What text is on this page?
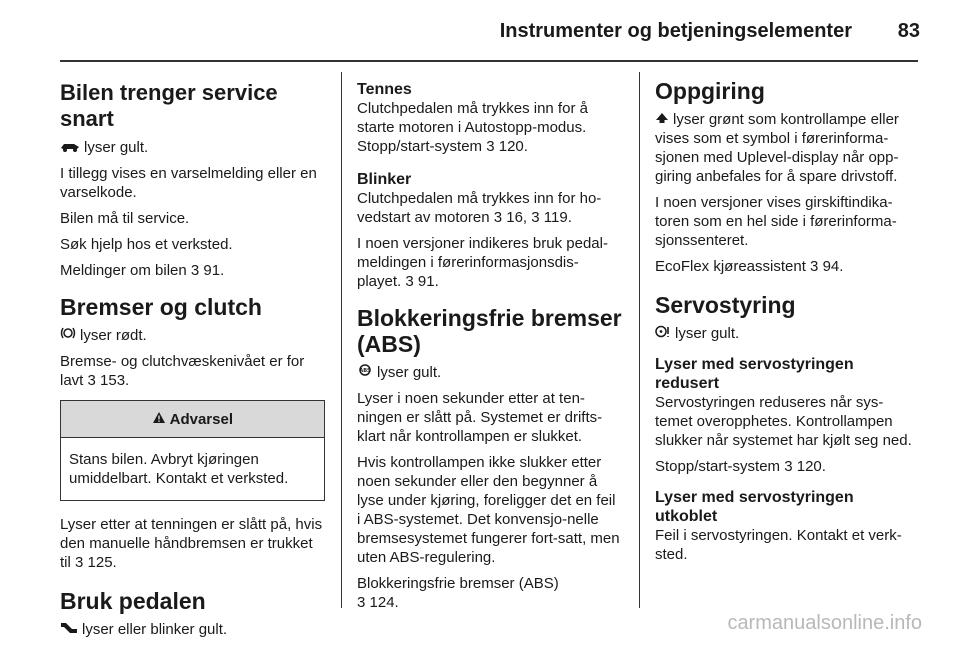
Instrumenter og betjeningselementer 83
Bilen trenger service snart

lyser gult.

I tillegg vises en varselmelding eller en varselkode.

Bilen må til service.

Søk hjelp hos et verksted.

Meldinger om bilen 3 91.

Bremser og clutch

lyser rødt.

Bremse- og clutchvæskenivået er for lavt 3 153.

Advarsel
Stans bilen. Avbryt kjøringen umiddelbart. Kontakt et verksted.

Lyser etter at tenningen er slått på, hvis den manuelle håndbremsen er trukket til 3 125.

Bruk pedalen

lyser eller blinker gult.

Tennes

Clutchpedalen må trykkes inn for å starte motoren i Autostopp-modus.

Stopp/start-system 3 120.

Blinker

Clutchpedalen må trykkes inn for ho-vedstart av motoren 3 16, 3 119.

I noen versjoner indikeres bruk pedal-meldingen i førerinformasjonsdis-playet. 3 91.

Blokkeringsfrie bremser (ABS)

ABS lyser gult.

Lyser i noen sekunder etter at ten-ningen er slått på. Systemet er drifts-klart når kontrollampen er slukket.

Hvis kontrollampen ikke slukker etter noen sekunder eller den begynner å lyse under kjøring, foreligger det en feil i ABS-systemet. Det konvensjo-nelle bremsesystemet fungerer fort-satt, men uten ABS-regulering.

Blokkeringsfrie bremser (ABS)
3 124.

Oppgiring

lyser grønt som kontrollampe eller vises som et symbol i førerinforma-sjonen med Uplevel-display når opp-giring anbefales for å spare drivstoff.

I noen versjoner vises girskiftindika-toren som en hel side i førerinforma-sjonssenteret.

EcoFlex kjøreassistent 3 94.

Servostyring

lyser gult.

Lyser med servostyringen redusert

Servostyringen reduseres når sys-temet overopphetes. Kontrollampen slukker når systemet har kjølt seg ned.

Stopp/start-system 3 120.

Lyser med servostyringen utkoblet

Feil i servostyringen. Kontakt et verk-sted.

carmanualsonline.info
